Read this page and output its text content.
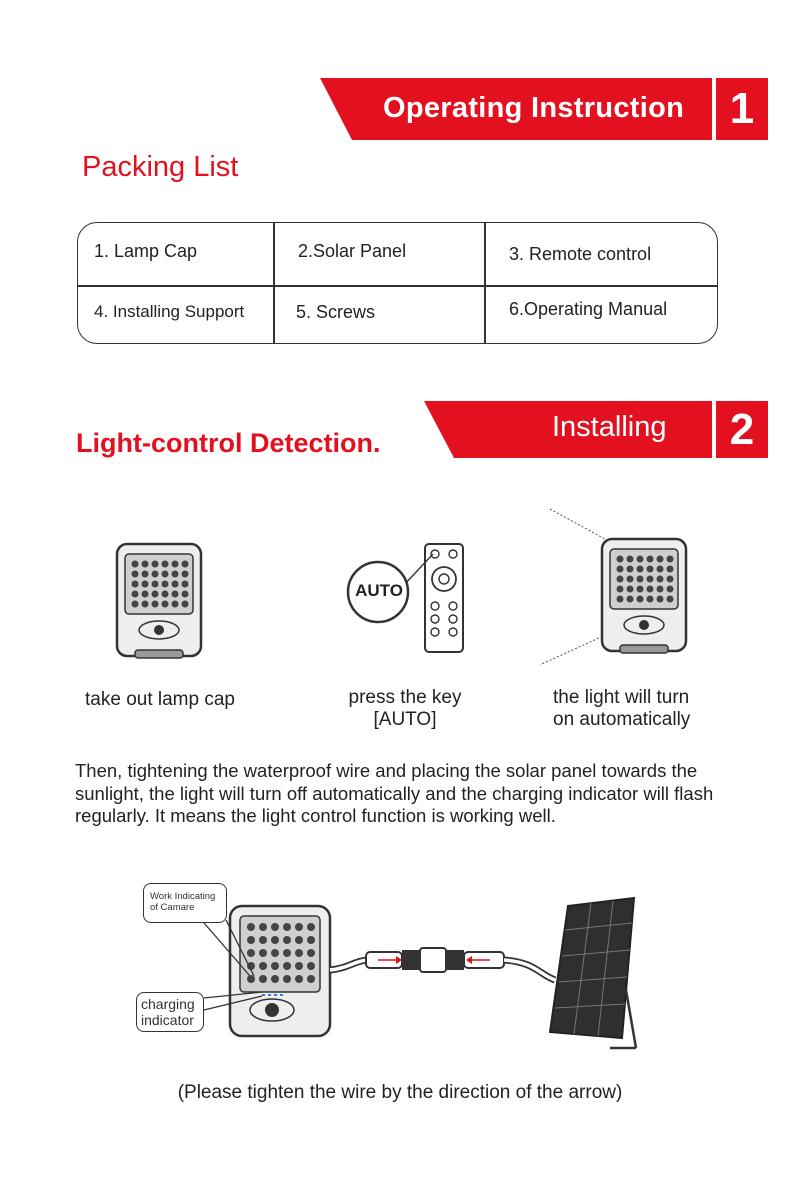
Operating Instruction	1
Packing List
1. Lamp Cap	2.Solar Panel	3. Remote control
4. Installing Support	5. Screws	6.Operating Manual
Installing	2
Light-control Detection.
AUTO
take out lamp cap	press the key
[AUTO]
the light will turn
on automatically
Then, tightening the waterproof wire and placing the solar panel towards the sunlight, the light will turn off automatically and the charging indicator will flash regularly. It means the light control function is working well.
Work Indicating
of Camare
charging
indicator
(Please tighten the wire by the direction of the arrow)
